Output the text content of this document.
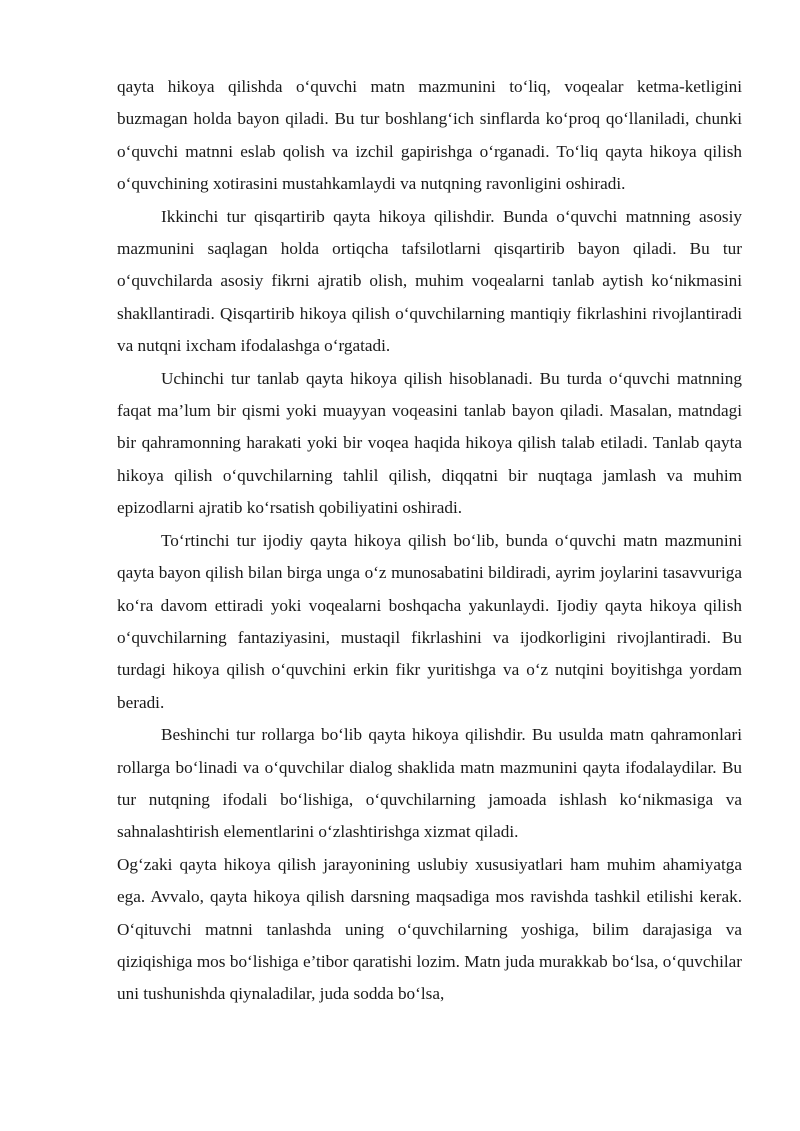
qayta hikoya qilishda o‘quvchi matn mazmunini to‘liq, voqealar ketma-ketligini buzmagan holda bayon qiladi. Bu tur boshlang‘ich sinflarda ko‘proq qo‘llaniladi, chunki o‘quvchi matnni eslab qolish va izchil gapirishga o‘rganadi. To‘liq qayta hikoya qilish o‘quvchining xotirasini mustahkamlaydi va nutqning ravonligini oshiradi.

Ikkinchi tur qisqartirib qayta hikoya qilishdir. Bunda o‘quvchi matnning asosiy mazmunini saqlagan holda ortiqcha tafsilotlarni qisqartirib bayon qiladi. Bu tur o‘quvchilarda asosiy fikrni ajratib olish, muhim voqealarni tanlab aytish ko‘nikmasini shakllantiradi. Qisqartirib hikoya qilish o‘quvchilarning mantiqiy fikrlashini rivojlantiradi va nutqni ixcham ifodalashga o‘rgatadi.

Uchinchi tur tanlab qayta hikoya qilish hisoblanadi. Bu turda o‘quvchi matnning faqat ma’lum bir qismi yoki muayyan voqeasini tanlab bayon qiladi. Masalan, matndagi bir qahramonning harakati yoki bir voqea haqida hikoya qilish talab etiladi. Tanlab qayta hikoya qilish o‘quvchilarning tahlil qilish, diqqatni bir nuqtaga jamlash va muhim epizodlarni ajratib ko‘rsatish qobiliyatini oshiradi.

To‘rtinchi tur ijodiy qayta hikoya qilish bo‘lib, bunda o‘quvchi matn mazmunini qayta bayon qilish bilan birga unga o‘z munosabatini bildiradi, ayrim joylarini tasavvuriga ko‘ra davom ettiradi yoki voqealarni boshqacha yakunlaydi. Ijodiy qayta hikoya qilish o‘quvchilarning fantaziyasini, mustaqil fikrlashini va ijodkorligini rivojlantiradi. Bu turdagi hikoya qilish o‘quvchini erkin fikr yuritishga va o‘z nutqini boyitishga yordam beradi.

Beshinchi tur rollarga bo‘lib qayta hikoya qilishdir. Bu usulda matn qahramonlari rollarga bo‘linadi va o‘quvchilar dialog shaklida matn mazmunini qayta ifodalaydilar. Bu tur nutqning ifodali bo‘lishiga, o‘quvchilarning jamoada ishlash ko‘nikmasiga va sahnalashtirish elementlarini o‘zlashtirishga xizmat qiladi.

Og‘zaki qayta hikoya qilish jarayonining uslubiy xususiyatlari ham muhim ahamiyatga ega. Avvalo, qayta hikoya qilish darsning maqsadiga mos ravishda tashkil etilishi kerak. O‘qituvchi matnni tanlashda uning o‘quvchilarning yoshiga, bilim darajasiga va qiziqishiga mos bo‘lishiga e’tibor qaratishi lozim. Matn juda murakkab bo‘lsa, o‘quvchilar uni tushunishda qiynaladilar, juda sodda bo‘lsa,
